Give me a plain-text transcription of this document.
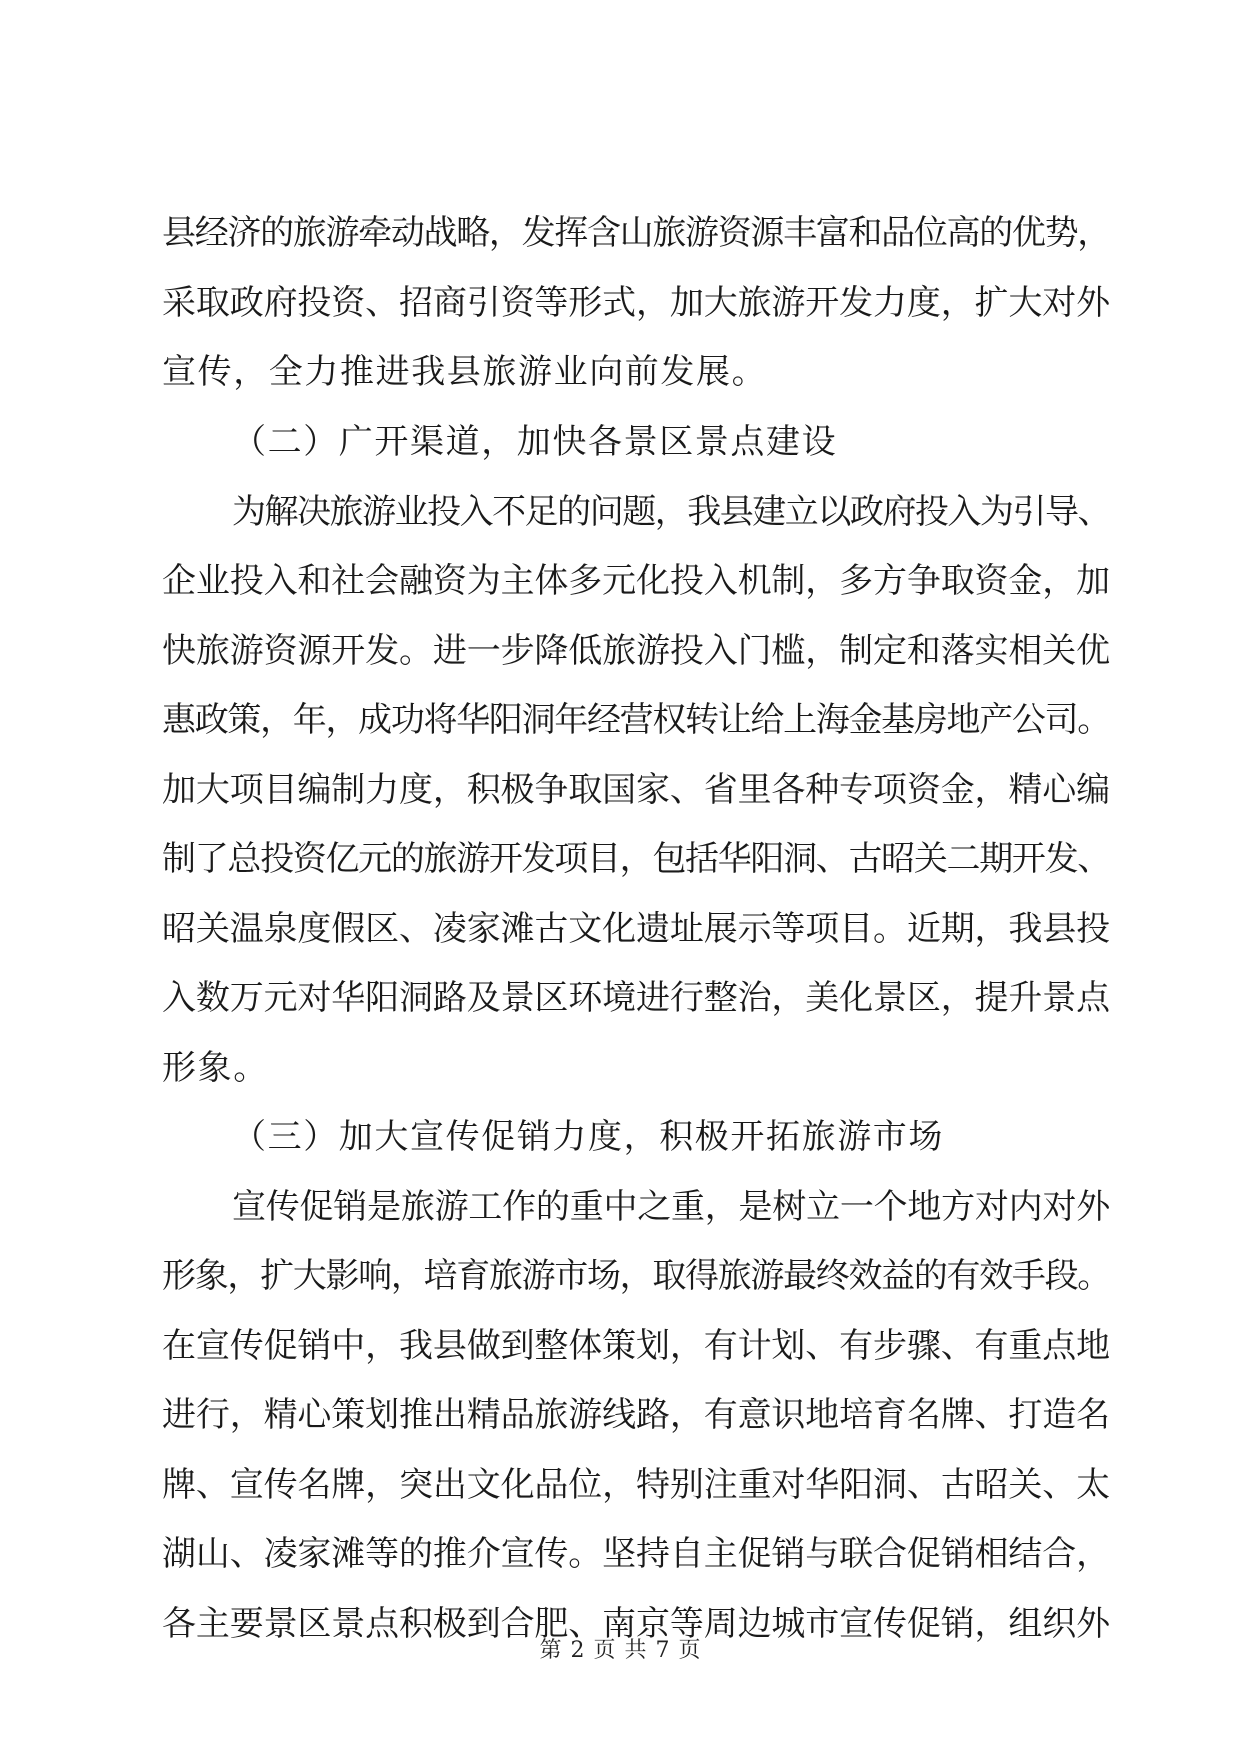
县经济的旅游牵动战略，发挥含山旅游资源丰富和品位高的优势，
采取政府投资、招商引资等形式，加大旅游开发力度，扩大对外
宣传，全力推进我县旅游业向前发展。
（二）广开渠道，加快各景区景点建设
为解决旅游业投入不足的问题，我县建立以政府投入为引导、
企业投入和社会融资为主体多元化投入机制，多方争取资金，加
快旅游资源开发。进一步降低旅游投入门槛，制定和落实相关优
惠政策，年，成功将华阳洞年经营权转让给上海金基房地产公司。
加大项目编制力度，积极争取国家、省里各种专项资金，精心编
制了总投资亿元的旅游开发项目，包括华阳洞、古昭关二期开发、
昭关温泉度假区、凌家滩古文化遗址展示等项目。近期，我县投
入数万元对华阳洞路及景区环境进行整治，美化景区，提升景点
形象。
（三）加大宣传促销力度，积极开拓旅游市场
宣传促销是旅游工作的重中之重，是树立一个地方对内对外
形象，扩大影响，培育旅游市场，取得旅游最终效益的有效手段。
在宣传促销中，我县做到整体策划，有计划、有步骤、有重点地
进行，精心策划推出精品旅游线路，有意识地培育名牌、打造名
牌、宣传名牌，突出文化品位，特别注重对华阳洞、古昭关、太
湖山、凌家滩等的推介宣传。坚持自主促销与联合促销相结合，
各主要景区景点积极到合肥、南京等周边城市宣传促销，组织外
第 2 页 共 7 页
